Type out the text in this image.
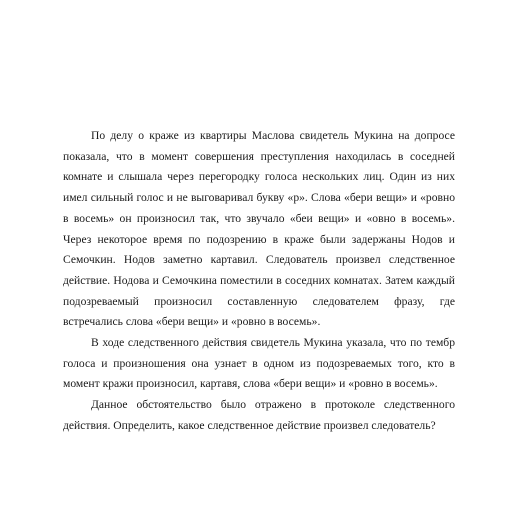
По делу о краже из квартиры Маслова свидетель Мукина на допросе показала, что в момент совершения преступления находилась в соседней комнате и слышала через перегородку голоса нескольких лиц. Один из них имел сильный голос и не выговаривал букву «р». Слова «бери вещи» и «ровно в восемь» он произносил так, что звучало «беи вещи» и «овно в восемь». Через некоторое время по подозрению в краже были задержаны Нодов и Семочкин. Нодов заметно картавил. Следователь произвел следственное действие. Нодова и Семочкина поместили в соседних комнатах. Затем каждый подозреваемый произносил составленную следователем фразу, где встречались слова «бери вещи» и «ровно в восемь».

В ходе следственного действия свидетель Мукина указала, что по тембр голоса и произношения она узнает в одном из подозреваемых того, кто в момент кражи произносил, картавя, слова «бери вещи» и «ровно в восемь».

Данное обстоятельство было отражено в протоколе следственного действия. Определить, какое следственное действие произвел следователь?
